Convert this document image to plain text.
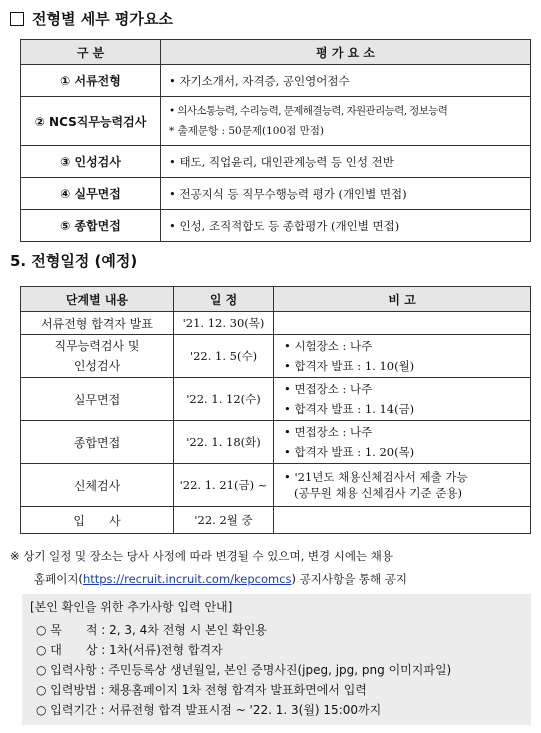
전형별 세부 평가요소
구 분	평 가 요 소
① 서류전형	• 자기소개서, 자격증, 공인영어점수

② NCS직무능력검사	• 의사소통능력, 수리능력, 문제해결능력, 자원관리능력, 정보능력
* 출제문항 : 50문제(100점 만점)

③ 인성검사	• 태도, 직업윤리, 대인관계능력 등 인성 전반

④ 실무면접	• 전공지식 등 직무수행능력 평가 (개인별 면접)

⑤ 종합면접	• 인성, 조직적합도 등 종합평가 (개인별 면접)
5. 전형일정 (예정)
단계별 내용	일 정	비 고
서류전형 합격자 발표	'21. 12. 30(목)	

직무능력검사 및
인성검사	'22. 1. 5(수)	• 시험장소 : 나주
• 합격자 발표 : 1. 10(월)

실무면접	'22. 1. 12(수)	• 면접장소 : 나주
• 합격자 발표 : 1. 14(금)

종합면접	'22. 1. 18(화)	• 면접장소 : 나주
• 합격자 발표 : 1. 20(목)

신체검사	'22. 1. 21(금) ~	• '21년도 채용신체검사서 제출 가능
(공무원 채용 신체검사 기준 준용)

입　　사	'22. 2월 중	
※ 상기 일정 및 장소는 당사 사정에 따라 변경될 수 있으며, 변경 시에는 채용
홈페이지(https://recruit.incruit.com/kepcomcs) 공지사항을 통해 공지
[본인 확인을 위한 추가사항 입력 안내]
○ 목　　적 : 2, 3, 4차 전형 시 본인 확인용
○ 대　　상 : 1차(서류)전형 합격자
○ 입력사항 : 주민등록상 생년월일, 본인 증명사진(jpeg, jpg, png 이미지파일)
○ 입력방법 : 채용홈페이지 1차 전형 합격자 발표화면에서 입력
○ 입력기간 : 서류전형 합격 발표시점 ~ '22. 1. 3(월) 15:00까지
